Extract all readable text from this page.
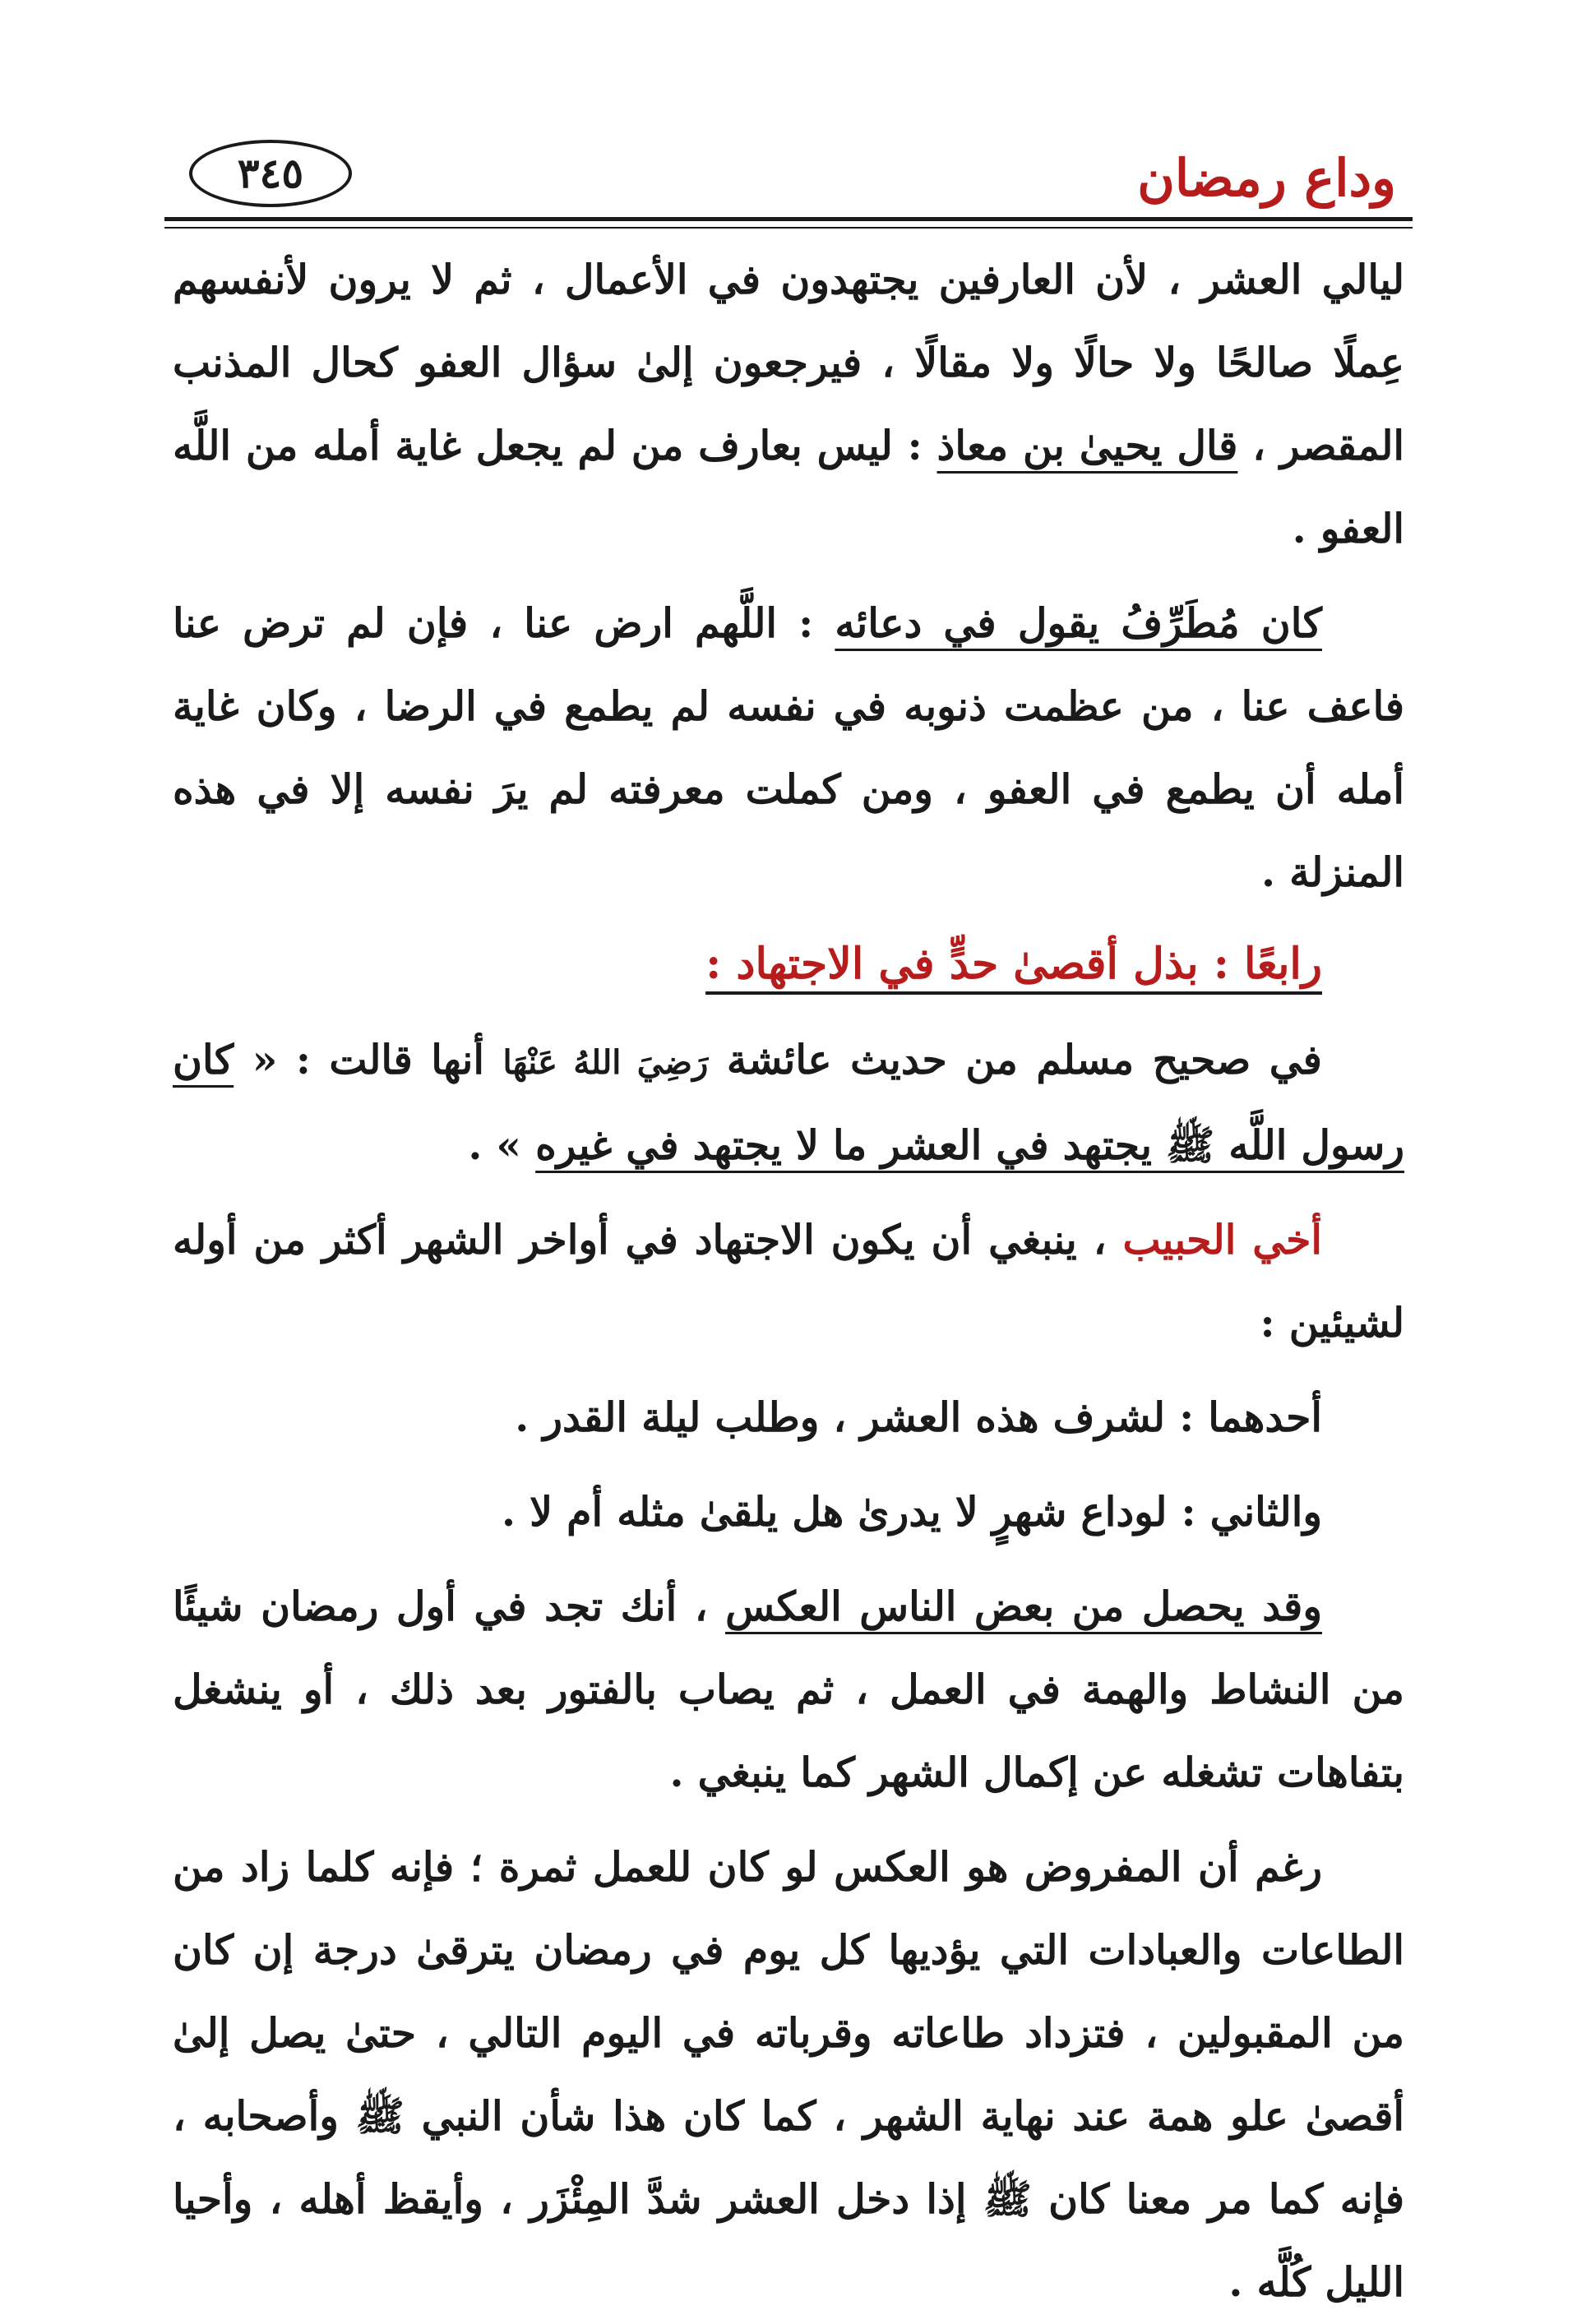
وداع رمضان
٣٤٥

ليالي العشر ، لأن العارفين يجتهدون في الأعمال ، ثم لا يرون لأنفسهم عِملًا صالحًا ولا حالًا ولا مقالًا ، فيرجعون إلىٰ سؤال العفو كحال المذنب المقصر ، قال يحيىٰ بن معاذ : ليس بعارف من لم يجعل غاية أمله من اللَّه العفو .

كان مُطَرِّفُ يقول في دعائه : اللَّهم ارض عنا ، فإن لم ترض عنا فاعف عنا ، من عظمت ذنوبه في نفسه لم يطمع في الرضا ، وكان غاية أمله أن يطمع في العفو ، ومن كملت معرفته لم يرَ نفسه إلا في هذه المنزلة .

رابعًا : بذل أقصىٰ حدٍّ في الاجتهاد :

في صحيح مسلم من حديث عائشة رَضِيَ اللهُ عَنْهَا أنها قالت : « كان رسول اللَّه ﷺ يجتهد في العشر ما لا يجتهد في غيره » .

أخي الحبيب ، ينبغي أن يكون الاجتهاد في أواخر الشهر أكثر من أوله لشيئين :

أحدهما : لشرف هذه العشر ، وطلب ليلة القدر .

والثاني : لوداع شهرٍ لا يدرىٰ هل يلقىٰ مثله أم لا .

وقد يحصل من بعض الناس العكس ، أنك تجد في أول رمضان شيئًا من النشاط والهمة في العمل ، ثم يصاب بالفتور بعد ذلك ، أو ينشغل بتفاهات تشغله عن إكمال الشهر كما ينبغي .

رغم أن المفروض هو العكس لو كان للعمل ثمرة ؛ فإنه كلما زاد من الطاعات والعبادات التي يؤديها كل يوم في رمضان يترقىٰ درجة إن كان من المقبولين ، فتزداد طاعاته وقرباته في اليوم التالي ، حتىٰ يصل إلىٰ أقصىٰ علو همة عند نهاية الشهر ، كما كان هذا شأن النبي ﷺ وأصحابه ، فإنه كما مر معنا كان ﷺ إذا دخل العشر شدَّ المِئْزَر ، وأيقظ أهله ، وأحيا الليل كُلَّه .
